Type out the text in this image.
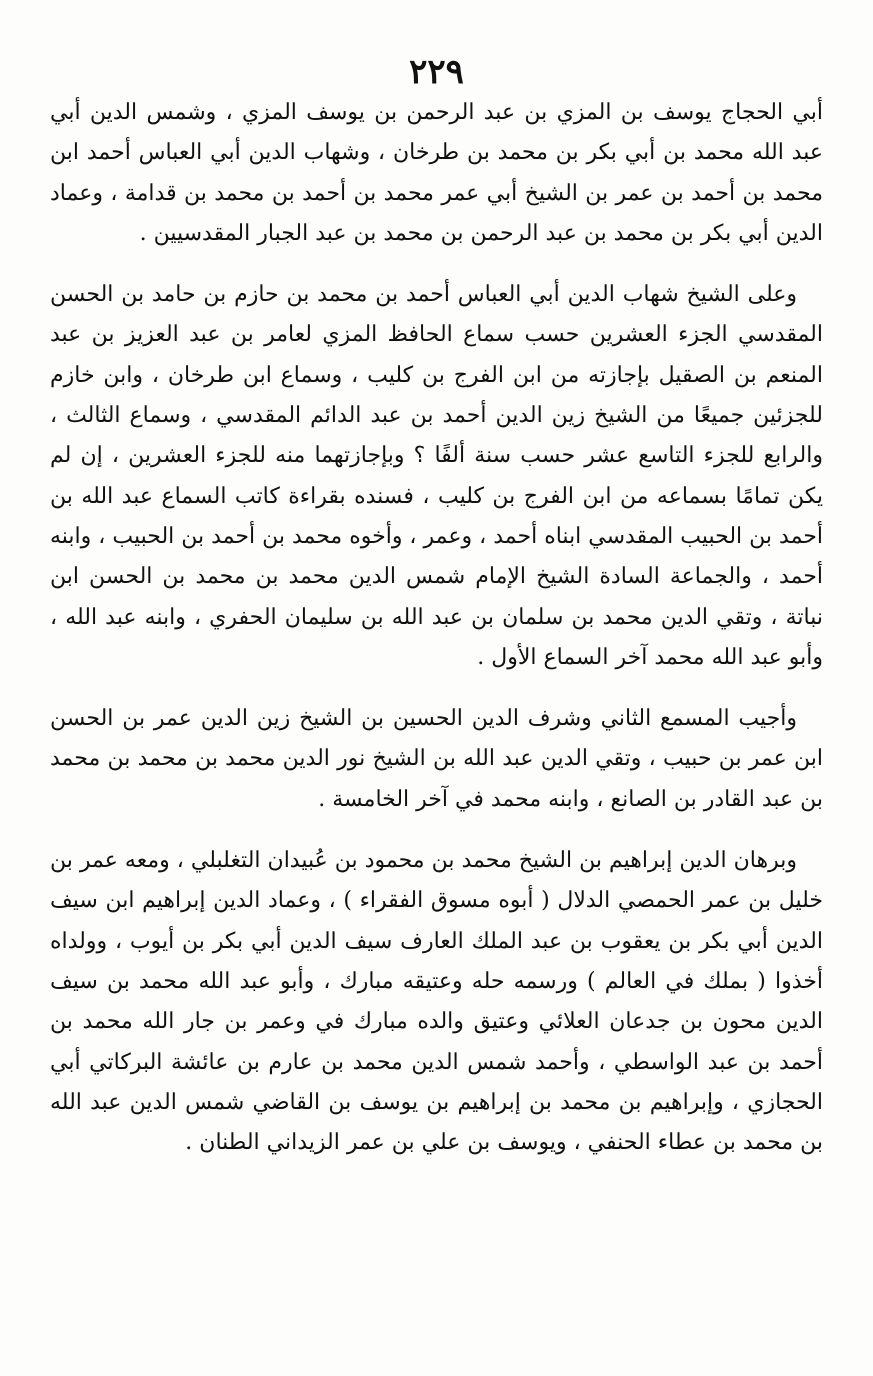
٢٢٩

أبي الحجاج يوسف بن المزي بن عبد الرحمن بن يوسف المزي ، وشمس الدين أبي عبد الله محمد بن أبي بكر بن محمد بن طرخان ، وشهاب الدين أبي العباس أحمد ابن محمد بن أحمد بن عمر بن الشيخ أبي عمر محمد بن أحمد بن محمد بن قدامة ، وعماد الدين أبي بكر بن محمد بن عبد الرحمن بن محمد بن عبد الجبار المقدسيين .

وعلى الشيخ شهاب الدين أبي العباس أحمد بن محمد بن حازم بن حامد بن الحسن المقدسي الجزء العشرين حسب سماع الحافظ المزي لعامر بن عبد العزيز بن عبد المنعم بن الصقيل بإجازته من ابن الفرج بن كليب ، وسماع ابن طرخان ، وابن خازم للجزئين جميعًا من الشيخ زين الدين أحمد بن عبد الدائم المقدسي ، وسماع الثالث ، والرابع للجزء التاسع عشر حسب سنة ألفًا ؟ وبإجازتهما منه للجزء العشرين ، إن لم يكن تمامًا بسماعه من ابن الفرج بن كليب ، فسنده بقراءة كاتب السماع عبد الله بن أحمد بن الحبيب المقدسي ابناه أحمد ، وعمر ، وأخوه محمد بن أحمد بن الحبيب ، وابنه أحمد ، والجماعة السادة الشيخ الإمام شمس الدين محمد بن محمد بن الحسن ابن نباتة ، وتقي الدين محمد بن سلمان بن عبد الله بن سليمان الحفري ، وابنه عبد الله ، وأبو عبد الله محمد آخر السماع الأول .

وأجيب المسمع الثاني وشرف الدين الحسين بن الشيخ زين الدين عمر بن الحسن ابن عمر بن حبيب ، وتقي الدين عبد الله بن الشيخ نور الدين محمد بن محمد بن محمد بن عبد القادر بن الصانع ، وابنه محمد في آخر الخامسة .

وبرهان الدين إبراهيم بن الشيخ محمد بن محمود بن عُبيدان التغلبلي ، ومعه عمر بن خليل بن عمر الحمصي الدلال ( أبوه مسوق الفقراء ) ، وعماد الدين إبراهيم ابن سيف الدين أبي بكر بن يعقوب بن عبد الملك العارف سيف الدين أبي بكر بن أيوب ، وولداه أخذوا ( بملك في العالم ) ورسمه حله وعتيقه مبارك ، وأبو عبد الله محمد بن سيف الدين محون بن جدعان العلائي وعتيق والده مبارك في وعمر بن جار الله محمد بن أحمد بن عبد الواسطي ، وأحمد شمس الدين محمد بن عارم بن عائشة البركاتي أبي الحجازي ، وإبراهيم بن محمد بن إبراهيم بن يوسف بن القاضي شمس الدين عبد الله بن محمد بن عطاء الحنفي ، ويوسف بن علي بن عمر الزيداني الطنان .
